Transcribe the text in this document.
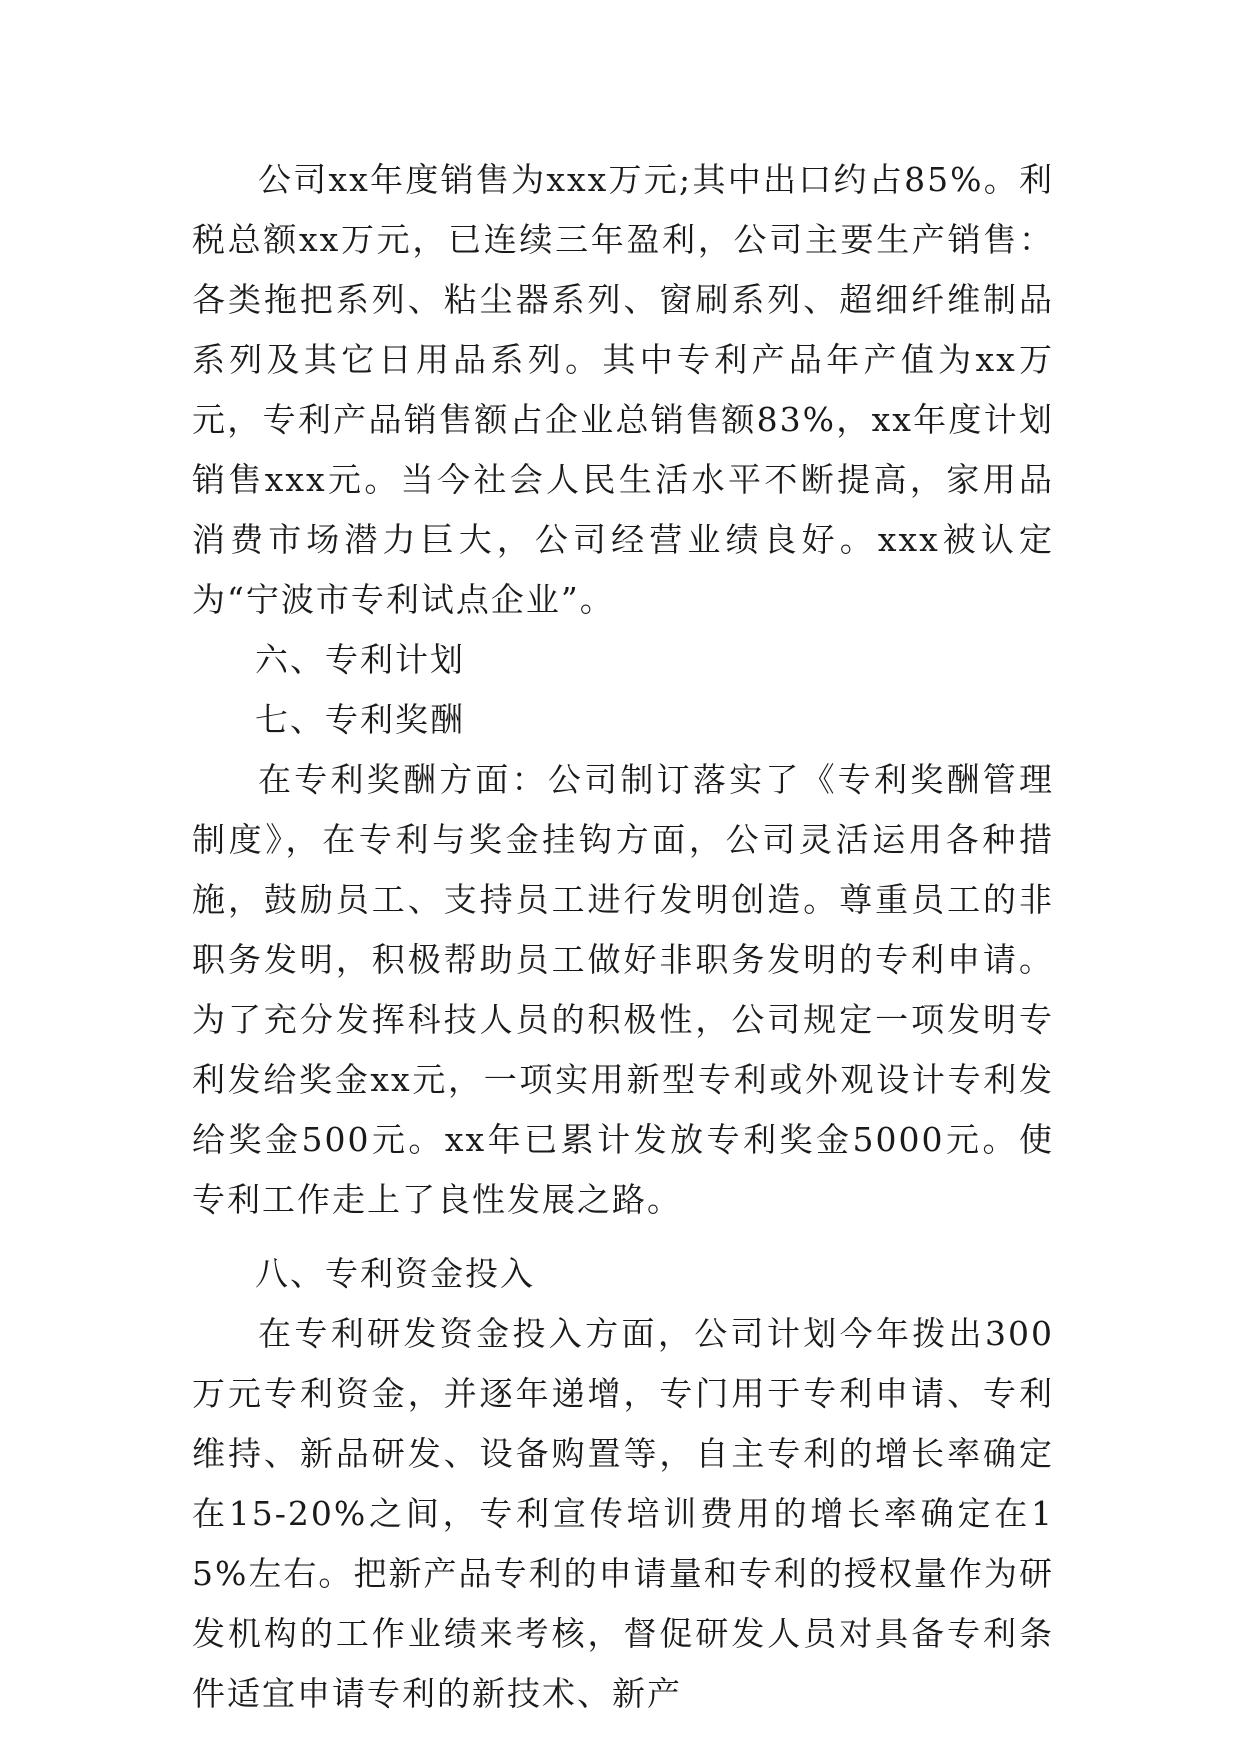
公司xx年度销售为xxx万元;其中出口约占85%。利税总额xx万元，已连续三年盈利，公司主要生产销售：各类拖把系列、粘尘器系列、窗刷系列、超细纤维制品系列及其它日用品系列。其中专利产品年产值为xx万元，专利产品销售额占企业总销售额83%，xx年度计划销售xxx元。当今社会人民生活水平不断提高，家用品消费市场潜力巨大，公司经营业绩良好。xxx被认定为“宁波市专利试点企业”。

六、专利计划

七、专利奖酬

在专利奖酬方面：公司制订落实了《专利奖酬管理制度》，在专利与奖金挂钩方面，公司灵活运用各种措施，鼓励员工、支持员工进行发明创造。尊重员工的非职务发明，积极帮助员工做好非职务发明的专利申请。为了充分发挥科技人员的积极性，公司规定一项发明专利发给奖金xx元，一项实用新型专利或外观设计专利发给奖金500元。xx年已累计发放专利奖金5000元。使专利工作走上了良性发展之路。

八、专利资金投入

在专利研发资金投入方面，公司计划今年拨出300万元专利资金，并逐年递增，专门用于专利申请、专利维持、新品研发、设备购置等，自主专利的增长率确定在15-20%之间，专利宣传培训费用的增长率确定在15%左右。把新产品专利的申请量和专利的授权量作为研发机构的工作业绩来考核，督促研发人员对具备专利条件适宜申请专利的新技术、新产
